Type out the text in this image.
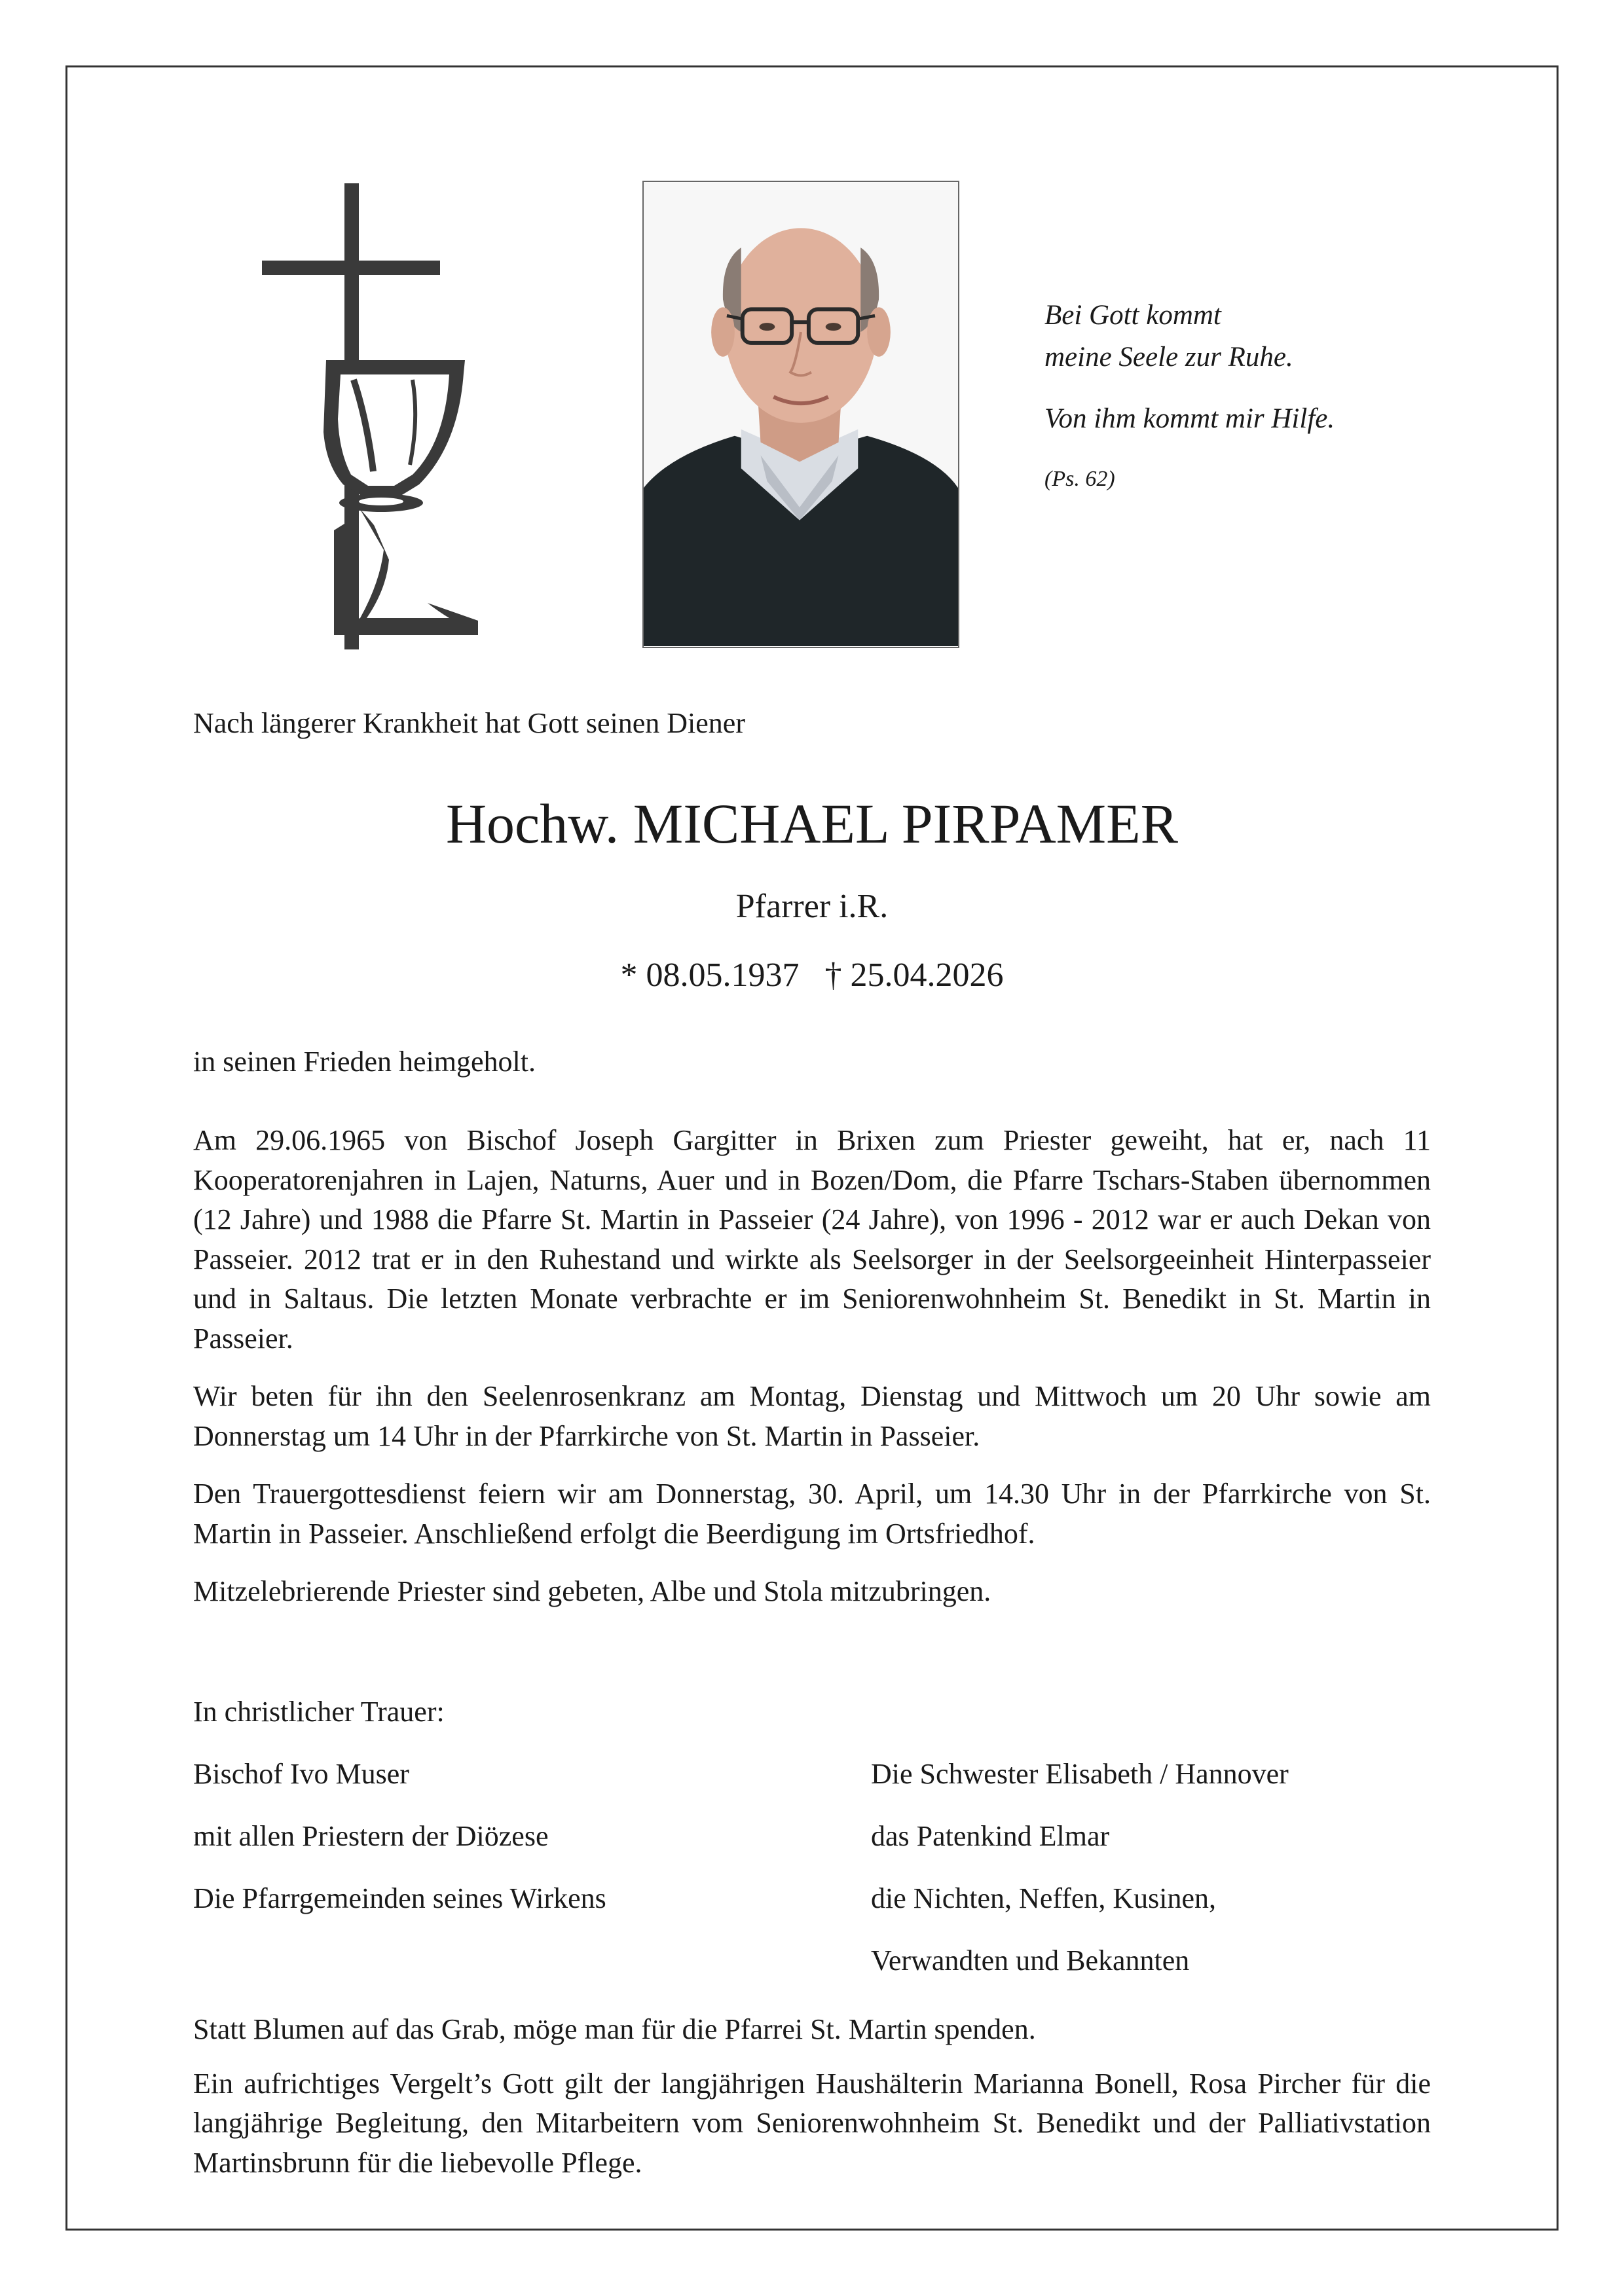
Bei Gott kommt
meine Seele zur Ruhe.
Von ihm kommt mir Hilfe.
(Ps. 62)
Nach längerer Krankheit hat Gott seinen Diener
Hochw. MICHAEL PIRPAMER
Pfarrer i.R.
* 08.05.1937   † 25.04.2026
in seinen Frieden heimgeholt.

Am 29.06.1965 von Bischof Joseph Gargitter in Brixen zum Priester geweiht, hat er, nach 11 Kooperatorenjahren in Lajen, Naturns, Auer und in Bozen/Dom, die Pfarre Tschars-Staben übernommen (12 Jahre) und 1988 die Pfarre St. Martin in Passeier (24 Jahre), von 1996 - 2012 war er auch Dekan von Passeier. 2012 trat er in den Ruhestand und wirkte als Seelsorger in der Seelsorgeeinheit Hinterpasseier und in Saltaus. Die letzten Monate verbrachte er im Seniorenwohnheim St. Benedikt in St. Martin in Passeier.

Wir beten für ihn den Seelenrosenkranz am Montag, Dienstag und Mittwoch um 20 Uhr sowie am Donnerstag um 14 Uhr in der Pfarrkirche von St. Martin in Passeier.

Den Trauergottesdienst feiern wir am Donnerstag, 30. April, um 14.30 Uhr in der Pfarrkirche von St. Martin in Passeier. Anschließend erfolgt die Beerdigung im Ortsfriedhof.

Mitzelebrierende Priester sind gebeten, Albe und Stola mitzubringen.

In christlicher Trauer:
Bischof Ivo Muser
mit allen Priestern der Diözese
Die Pfarrgemeinden seines Wirkens
Die Schwester Elisabeth / Hannover
das Patenkind Elmar
die Nichten, Neffen, Kusinen,
Verwandten und Bekannten

Statt Blumen auf das Grab, möge man für die Pfarrei St. Martin spenden.

Ein aufrichtiges Vergelt’s Gott gilt der langjährigen Haushälterin Marianna Bonell, Rosa Pircher für die langjährige Begleitung, den Mitarbeitern vom Seniorenwohnheim St. Benedikt und der Palliativstation Martinsbrunn für die liebevolle Pflege.
